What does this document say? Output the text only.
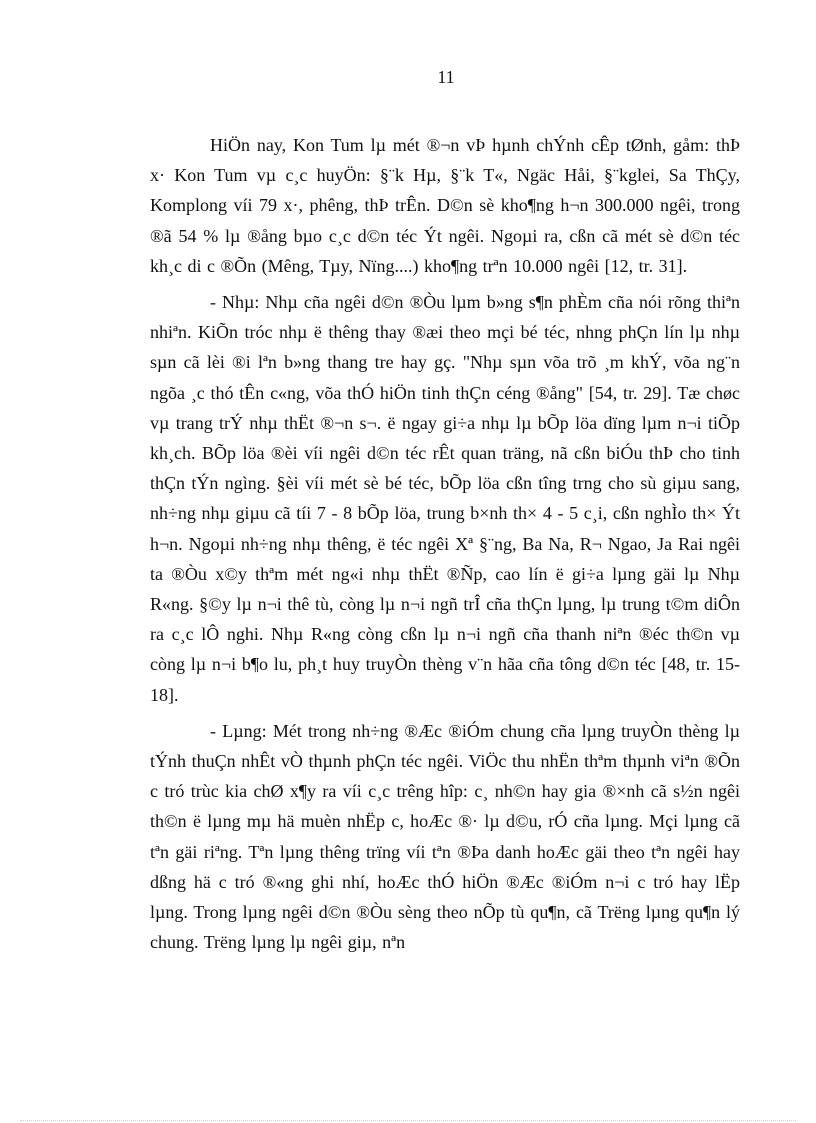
11

HiÖn nay, Kon Tum lµ mét ®¬n vÞ hµnh chÝnh cÊp tØnh, gåm: thÞ x· Kon Tum vµ c¸c huyÖn: §¨k Hµ, §¨k T«, Ngäc Håi, §¨kglei, Sa ThÇy, Komplong víi 79 x·, phêng, thÞ trÊn. D©n sè kho¶ng h¬n 300.000 ngêi, trong ®ã 54 % lµ ®ång bµo c¸c d©n téc Ýt ngêi. Ngoµi ra, cßn cã mét sè d©n téc kh¸c di c ®Õn (Mêng, Tµy, Nïng....) kho¶ng trªn 10.000 ngêi [12, tr. 31].

- Nhµ: Nhµ cña ngêi d©n ®Òu lµm b»ng s¶n phÈm cña nói rõng thiªn nhiªn. KiÕn tróc nhµ ë thêng thay ®æi theo mçi bé téc, nhng phÇn lín lµ nhµ sµn cã lèi ®i lªn b»ng thang tre hay gç. "Nhµ sµn võa trõ ¸m khÝ, võa ng¨n ngõa ¸c thó tÊn c«ng, võa thÓ hiÖn tinh thÇn céng ®ång" [54, tr. 29]. Tæ chøc vµ trang trÝ nhµ thËt ®¬n s¬. ë ngay gi÷a nhµ lµ bÕp löa dïng lµm n¬i tiÕp kh¸ch. BÕp löa ®èi víi ngêi d©n téc rÊt quan träng, nã cßn biÓu thÞ cho tinh thÇn tÝn ngìng. §èi víi mét sè bé téc, bÕp löa cßn tîng trng cho sù giµu sang, nh÷ng nhµ giµu cã tíi 7 - 8 bÕp löa, trung b×nh th× 4 - 5 c¸i, cßn nghÌo th× Ýt h¬n. Ngoµi nh÷ng nhµ thêng, ë téc ngêi Xª §¨ng, Ba Na, R¬ Ngao, Ja Rai ngêi ta ®Òu x©y thªm mét ng«i nhµ thËt ®Ñp, cao lín ë gi÷a lµng gäi lµ Nhµ R«ng. §©y lµ n¬i thê tù, còng lµ n¬i ngñ trÎ cña thÇn lµng, lµ trung t©m diÔn ra c¸c lÔ nghi. Nhµ R«ng còng cßn lµ n¬i ngñ cña thanh niªn ®éc th©n vµ còng lµ n¬i b¶o lu, ph¸t huy truyÒn thèng v¨n hãa cña tông d©n téc [48, tr. 15-18].

- Lµng: Mét trong nh÷ng ®Æc ®iÓm chung cña lµng truyÒn thèng lµ tÝnh thuÇn nhÊt vÒ thµnh phÇn téc ngêi. ViÖc thu nhËn thªm thµnh viªn ®Õn c tró trùc kia chØ x¶y ra víi c¸c trêng hîp: c¸ nh©n hay gia ®×nh cã s½n ngêi th©n ë lµng mµ hä muèn nhËp c, hoÆc ®· lµ d©u, rÓ cña lµng. Mçi lµng cã tªn gäi riªng. Tªn lµng thêng trïng víi tªn ®Þa danh hoÆc gäi theo tªn ngêi hay dßng hä c tró ®«ng ghi nhí, hoÆc thÓ hiÖn ®Æc ®iÓm n¬i c tró hay lËp lµng. Trong lµng ngêi d©n ®Òu sèng theo nÕp tù qu¶n, cã Trëng lµng qu¶n lý chung. Trëng lµng lµ ngêi giµ, nªn
